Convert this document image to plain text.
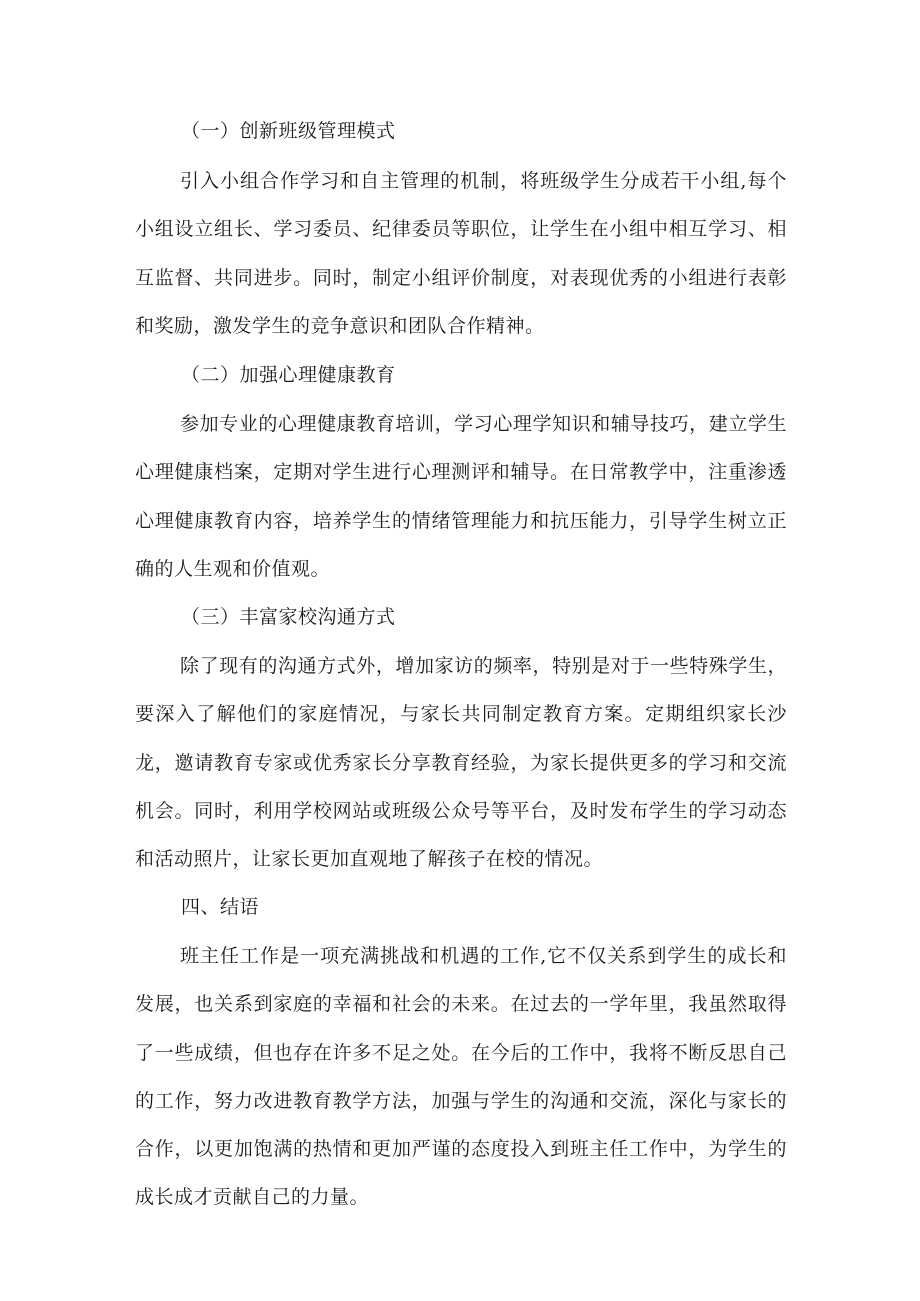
（一）创新班级管理模式
引入小组合作学习和自主管理的机制，将班级学生分成若干小组,每个小组设立组长、学习委员、纪律委员等职位，让学生在小组中相互学习、相互监督、共同进步。同时，制定小组评价制度，对表现优秀的小组进行表彰和奖励，激发学生的竞争意识和团队合作精神。
（二）加强心理健康教育
参加专业的心理健康教育培训，学习心理学知识和辅导技巧，建立学生心理健康档案，定期对学生进行心理测评和辅导。在日常教学中，注重渗透心理健康教育内容，培养学生的情绪管理能力和抗压能力，引导学生树立正确的人生观和价值观。
（三）丰富家校沟通方式
除了现有的沟通方式外，增加家访的频率，特别是对于一些特殊学生，要深入了解他们的家庭情况，与家长共同制定教育方案。定期组织家长沙龙，邀请教育专家或优秀家长分享教育经验，为家长提供更多的学习和交流机会。同时，利用学校网站或班级公众号等平台，及时发布学生的学习动态和活动照片，让家长更加直观地了解孩子在校的情况。
四、结语
班主任工作是一项充满挑战和机遇的工作,它不仅关系到学生的成长和发展，也关系到家庭的幸福和社会的未来。在过去的一学年里，我虽然取得了一些成绩，但也存在许多不足之处。在今后的工作中，我将不断反思自己的工作，努力改进教育教学方法，加强与学生的沟通和交流，深化与家长的合作，以更加饱满的热情和更加严谨的态度投入到班主任工作中，为学生的成长成才贡献自己的力量。
